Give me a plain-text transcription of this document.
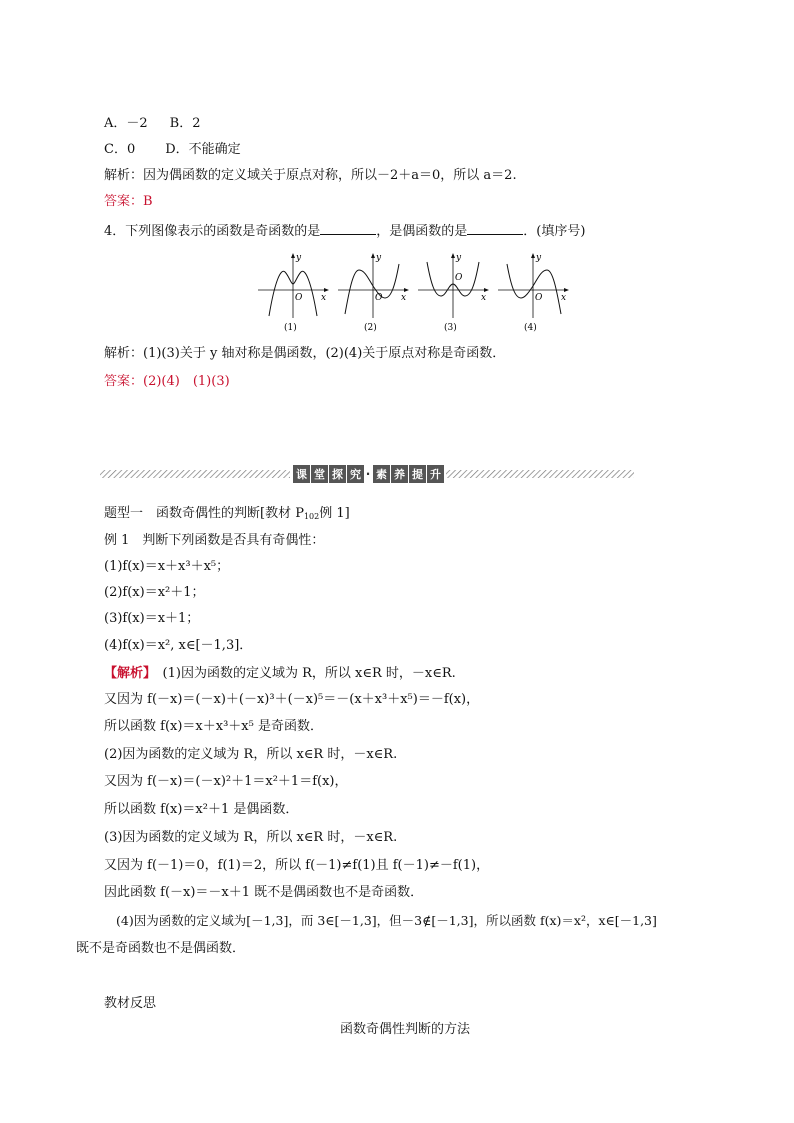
A．－2 B．2
C．0 D．不能确定
解析：因为偶函数的定义域关于原点对称，所以－2＋a＝0，所以 a＝2.
答案：B
4．下列图像表示的函数是奇函数的是	，是偶函数的是	．(填序号)
x
y
O
(1)
x
y
O
(2)
x
y
O
(3)
x
y
O
(4)
解析：(1)(3)关于 y 轴对称是偶函数，(2)(4)关于原点对称是奇函数．
答案：(2)(4)　(1)(3)
课 堂 探 究 · 素 养 提 升
题型一　函数奇偶性的判断[教材 $P_{102}$例 1]
例 1　判断下列函数是否具有奇偶性：
(1)f(x)＝x＋x³＋x⁵；
(2)f(x)＝x²＋1；
(3)f(x)＝x＋1；
(4)f(x)＝x², x∈[－1,3]．
【解析】　 (1)因为函数的定义域为 R，所以 x∈R 时，－x∈R.
又因为 f(－x)＝(－x)＋(－x)³＋(－x)⁵＝－(x＋x³＋x⁵)＝－f(x)，
所以函数 f(x)＝x＋x³＋x⁵ 是奇函数．
(2)因为函数的定义域为 R，所以 x∈R 时，－x∈R.
又因为 f(－x)＝(－x)²＋1＝x²＋1＝f(x)，
所以函数 f(x)＝x²＋1 是偶函数．
(3)因为函数的定义域为 R，所以 x∈R 时，－x∈R.
又因为 f(－1)＝0，f(1)＝2，所以 f(－1)≠f(1)且 f(－1)≠－f(1)，
因此函数 f(－x)＝－x＋1 既不是偶函数也不是奇函数．
(4)因为函数的定义域为[－1,3]，而 3∈[－1,3]，但－3∉[－1,3]，所以函数 f(x)＝x²，x∈[－1,3]
既不是奇函数也不是偶函数．
教材反思
函数奇偶性判断的方法
